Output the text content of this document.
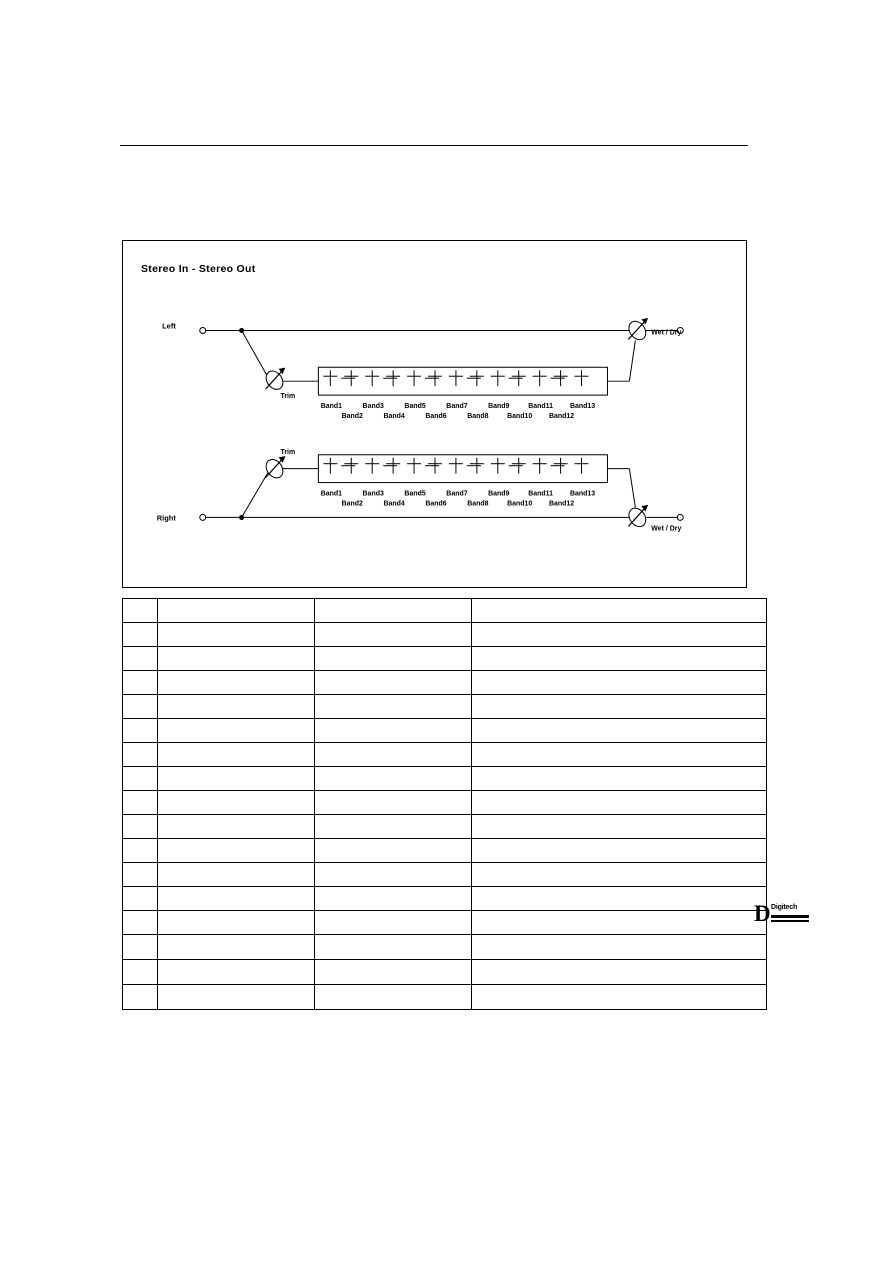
Stereo In - Stereo Out
Left
Trim
Wet / Dry
Band1	Band3	Band5	Band7	Band9	Band11 Band13
Band2	Band4	Band6	Band8	Band10 Band12
Right
Trim
Wet / Dry
Band1	Band3	Band5	Band7	Band9	Band11 Band13
Band2	Band4	Band6	Band8	Band10 Band12

D Digitech
